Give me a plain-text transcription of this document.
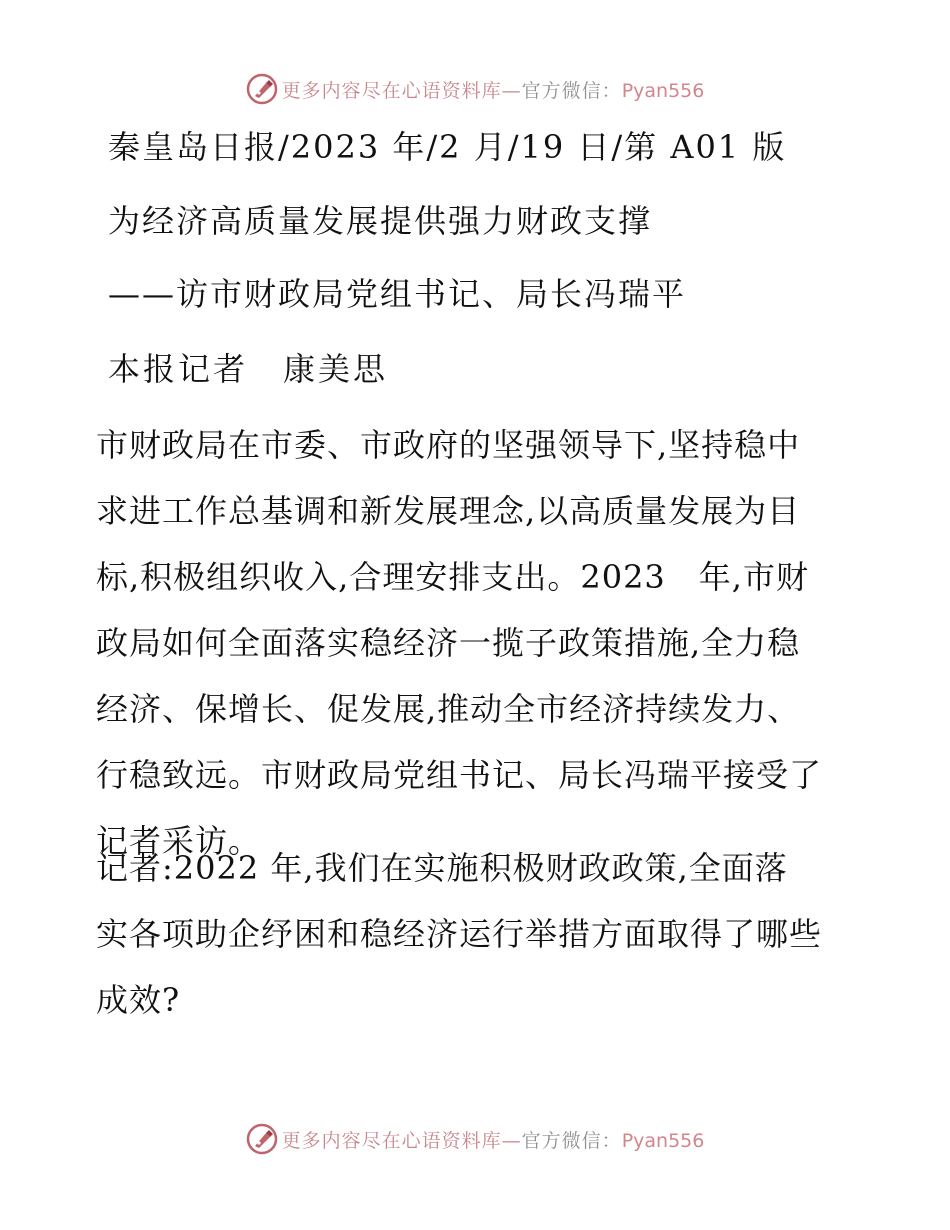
更多内容尽在心语资料库—官方微信：Pyan556
秦皇岛日报/2023 年/2 月/19 日/第 A01 版
为经济高质量发展提供强力财政支撑
——访市财政局党组书记、局长冯瑞平
本报记者　康美思
市财政局在市委、市政府的坚强领导下,坚持稳中
求进工作总基调和新发展理念,以高质量发展为目
标,积极组织收入,合理安排支出。2023　年,市财
政局如何全面落实稳经济一揽子政策措施,全力稳
经济、保增长、促发展,推动全市经济持续发力、
行稳致远。市财政局党组书记、局长冯瑞平接受了
记者采访。
记者:2022 年,我们在实施积极财政政策,全面落
实各项助企纾困和稳经济运行举措方面取得了哪些
成效?
更多内容尽在心语资料库—官方微信：Pyan556
